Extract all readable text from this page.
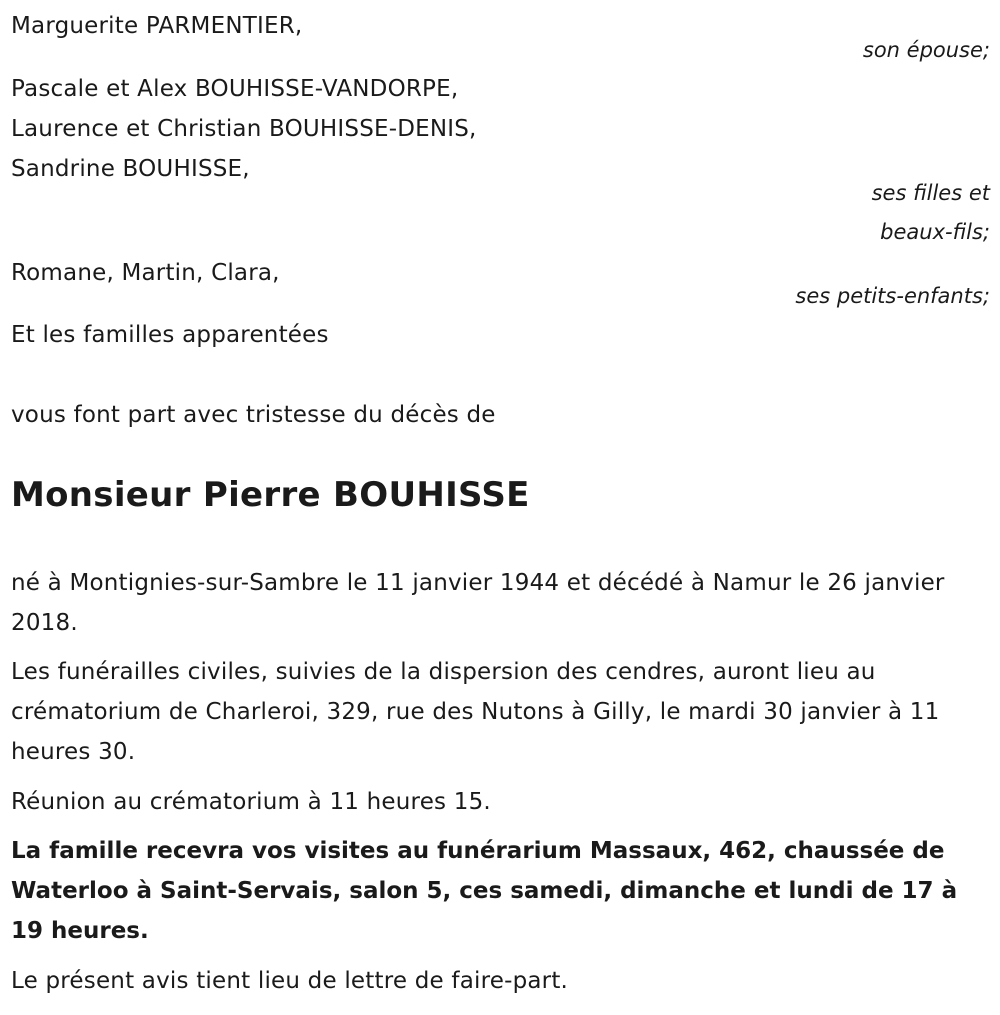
Marguerite PARMENTIER,
son épouse;
Pascale et Alex BOUHISSE-VANDORPE,
Laurence et Christian BOUHISSE-DENIS,
Sandrine BOUHISSE,
ses filles et
beaux-fils;
Romane, Martin, Clara,
ses petits-enfants;
Et les familles apparentées
vous font part avec tristesse du décès de
Monsieur Pierre BOUHISSE
né à Montignies-sur-Sambre le 11 janvier 1944 et décédé à Namur le 26 janvier 2018.
Les funérailles civiles, suivies de la dispersion des cendres, auront lieu au crématorium de Charleroi, 329, rue des Nutons à Gilly, le mardi 30 janvier à 11 heures 30.
Réunion au crématorium à 11 heures 15.
La famille recevra vos visites au funérarium Massaux, 462, chaussée de Waterloo à Saint-Servais, salon 5, ces samedi, dimanche et lundi de 17 à 19 heures.
Le présent avis tient lieu de lettre de faire-part.
